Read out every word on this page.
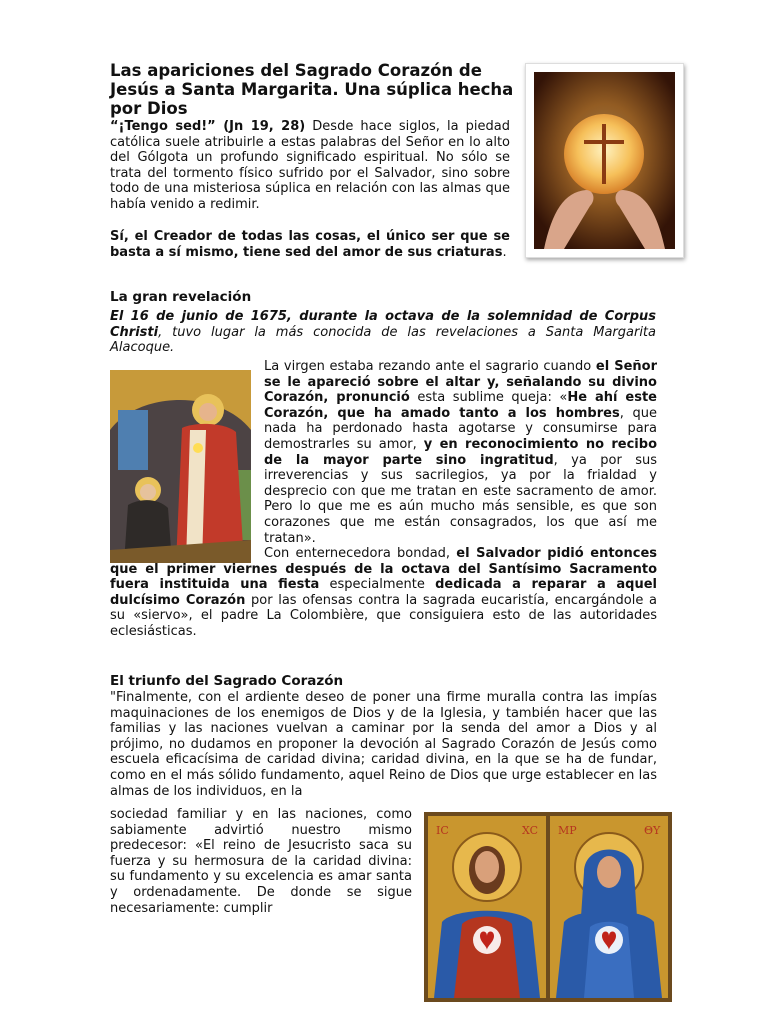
Las apariciones del Sagrado Corazón de Jesús a Santa Margarita. Una súplica hecha por Dios

“¡Tengo sed!” (Jn 19, 28) Desde hace siglos, la piedad católica suele atribuirle a estas palabras del Señor en lo alto del Gólgota un profundo significado espiritual. No sólo se trata del tormento físico sufrido por el Salvador, sino sobre todo de una misteriosa súplica en relación con las almas que había venido a redimir.

Sí, el Creador de todas las cosas, el único ser que se basta a sí mismo, tiene sed del amor de sus criaturas.

La gran revelación

El 16 de junio de 1675, durante la octava de la solemnidad de Corpus Christi, tuvo lugar la más conocida de las revelaciones a Santa Margarita Alacoque.

La virgen estaba rezando ante el sagrario cuando el Señor se le apareció sobre el altar y, señalando su divino Corazón, pronunció esta sublime queja: «He ahí este Corazón, que ha amado tanto a los hombres, que nada ha perdonado hasta agotarse y consumirse para demostrarles su amor, y en reconocimiento no recibo de la mayor parte sino ingratitud, ya por sus irreverencias y sus sacrilegios, ya por la frialdad y desprecio con que me tratan en este sacramento de amor. Pero lo que me es aún mucho más sensible, es que son corazones que me están consagrados, los que así me tratan».

Con enternecedora bondad, el Salvador pidió entonces que el primer viernes después de la octava del Santísimo Sacramento fuera instituida una fiesta especialmente dedicada a reparar a aquel dulcísimo Corazón por las ofensas contra la sagrada eucaristía, encargándole a su «siervo», el padre La Colombière, que consiguiera esto de las autoridades eclesiásticas.

El triunfo del Sagrado Corazón

"Finalmente, con el ardiente deseo de poner una firme muralla contra las impías maquinaciones de los enemigos de Dios y de la Iglesia, y también hacer que las familias y las naciones vuelvan a caminar por la senda del amor a Dios y al prójimo, no dudamos en proponer la devoción al Sagrado Corazón de Jesús como escuela eficacísima de caridad divina; caridad divina, en la que se ha de fundar, como en el más sólido fundamento, aquel Reino de Dios que urge establecer en las almas de los individuos, en la

sociedad familiar y en las naciones, como sabiamente advirtió nuestro mismo predecesor: «El reino de Jesucristo saca su fuerza y su hermosura de la caridad divina: su fundamento y su excelencia es amar santa y ordenadamente. De donde se sigue necesariamente: cumplir

IC	XC MP	ΘY
